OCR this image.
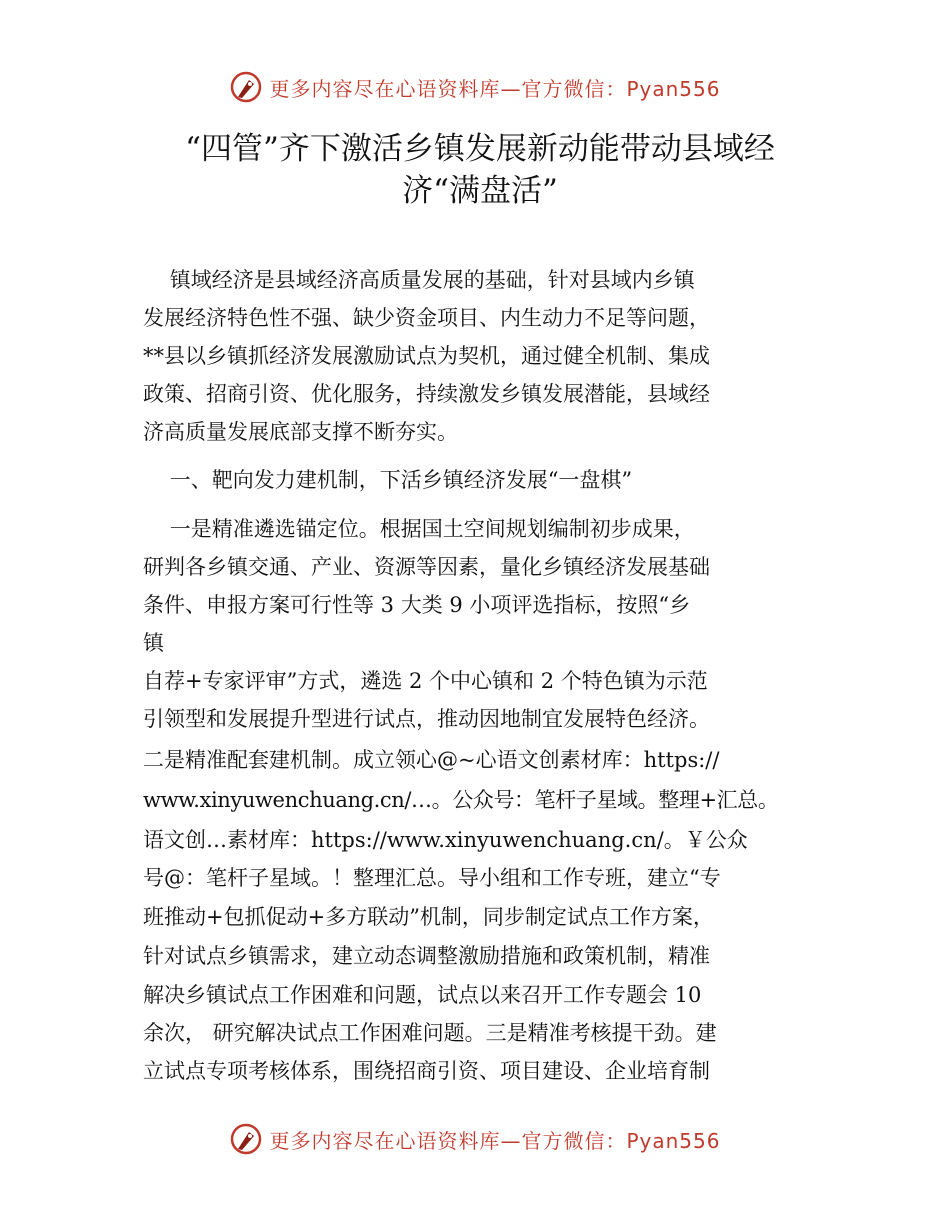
更多内容尽在心语资料库—官方微信：Pyan556
“四管”齐下激活乡镇发展新动能带动县域经
济“满盘活”
镇域经济是县域经济高质量发展的基础，针对县域内乡镇
发展经济特色性不强、缺少资金项目、内生动力不足等问题，
**县以乡镇抓经济发展激励试点为契机，通过健全机制、集成
政策、招商引资、优化服务，持续激发乡镇发展潜能，县域经
济高质量发展底部支撑不断夯实。
一、靶向发力建机制，下活乡镇经济发展“一盘棋”
一是精准遴选锚定位。根据国土空间规划编制初步成果，
研判各乡镇交通、产业、资源等因素，量化乡镇经济发展基础
条件、申报方案可行性等 3 大类 9 小项评选指标，按照“乡
镇
自荐+专家评审”方式，遴选 2 个中心镇和 2 个特色镇为示范
引领型和发展提升型进行试点，推动因地制宜发展特色经济。
二是精准配套建机制。成立领心@~心语文创素材库：https://
www.xinyuwenchuang.cn/…。公众号：笔杆子星域。整理+汇总。
语文创…素材库：https://www.xinyuwenchuang.cn/。￥公众
号@：笔杆子星域。！整理汇总。导小组和工作专班，建立“专
班推动+包抓促动+多方联动”机制，同步制定试点工作方案，
针对试点乡镇需求，建立动态调整激励措施和政策机制，精准
解决乡镇试点工作困难和问题，试点以来召开工作专题会 10
余次， 研究解决试点工作困难问题。三是精准考核提干劲。建
立试点专项考核体系，围绕招商引资、项目建设、企业培育制
更多内容尽在心语资料库—官方微信：Pyan556
